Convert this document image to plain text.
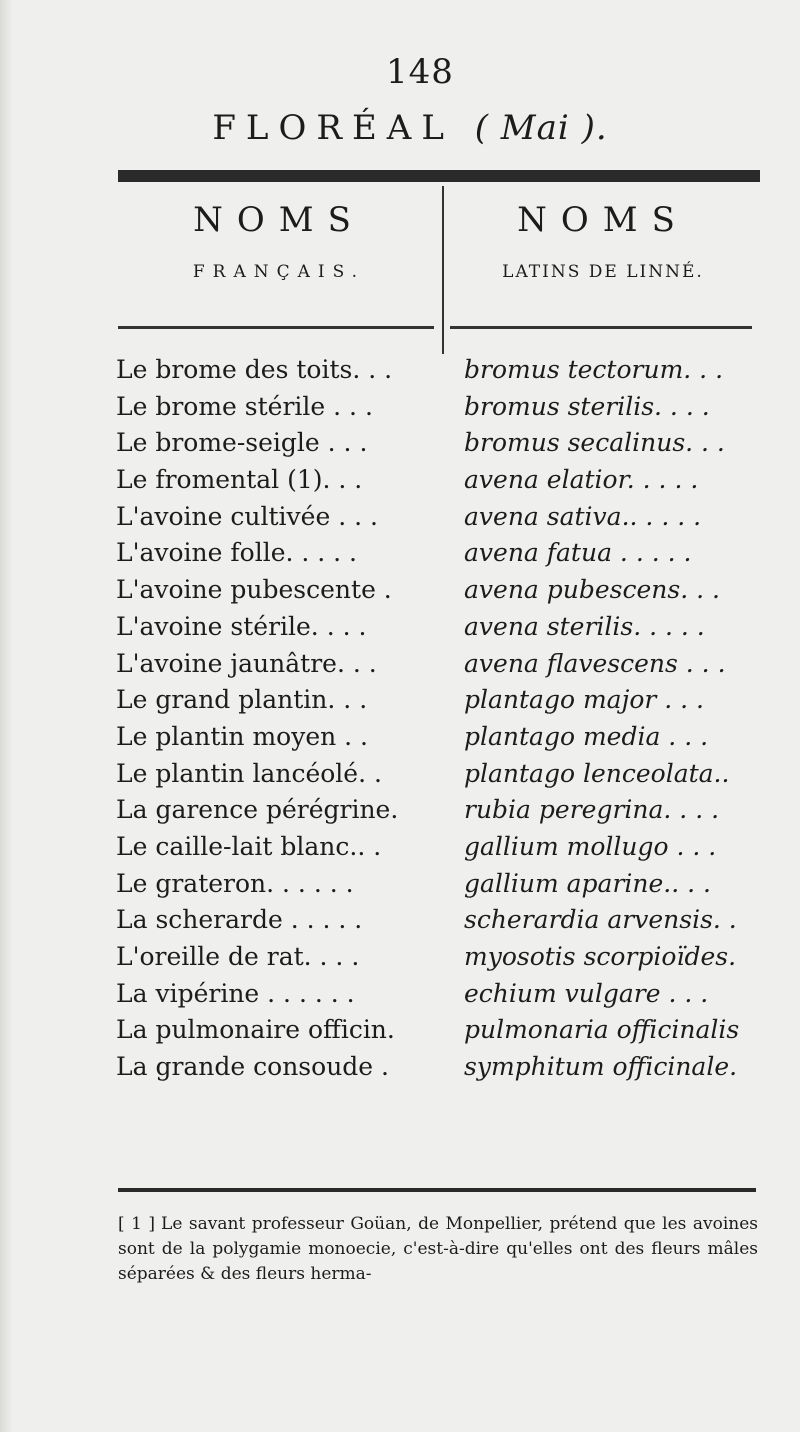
148
FLORÉAL ( Mai ).
NOMS
FRANÇAIS.
NOMS
LATINS DE LINNÉ.
Le brome des toits. . .	bromus tectorum. . .
Le brome stérile . . .	bromus sterilis. . . .
Le brome-seigle . . .	bromus secalinus. . .
Le fromental (1). . .	avena elatior. . . . .
L'avoine cultivée . . .	avena sativa.. . . . .
L'avoine folle. . . . .	avena fatua . . . . .
L'avoine pubescente .	avena pubescens. . .
L'avoine stérile. . . .	avena sterilis. . . . .
L'avoine jaunâtre. . .	avena flavescens . . .
Le grand plantin. . .	plantago major . . .
Le plantin moyen . .	plantago media . . .
Le plantin lancéolé. .	plantago lenceolata..
La garence pérégrine.	rubia peregrina. . . .
Le caille-lait blanc.. .	gallium mollugo . . .
Le grateron. . . . . .	gallium aparine.. . .
La scherarde . . . . .	scherardia arvensis. .
L'oreille de rat. . . .	myosotis scorpioïdes.
La vipérine . . . . . .	echium vulgare . . .
La pulmonaire officin.	pulmonaria officinalis
La grande consoude .	symphitum officinale.
[ 1 ] Le savant professeur Goüan, de Monpellier, prétend que les avoines sont de la polygamie monoecie, c'est-à-dire qu'elles ont des fleurs mâles séparées & des fleurs herma-
